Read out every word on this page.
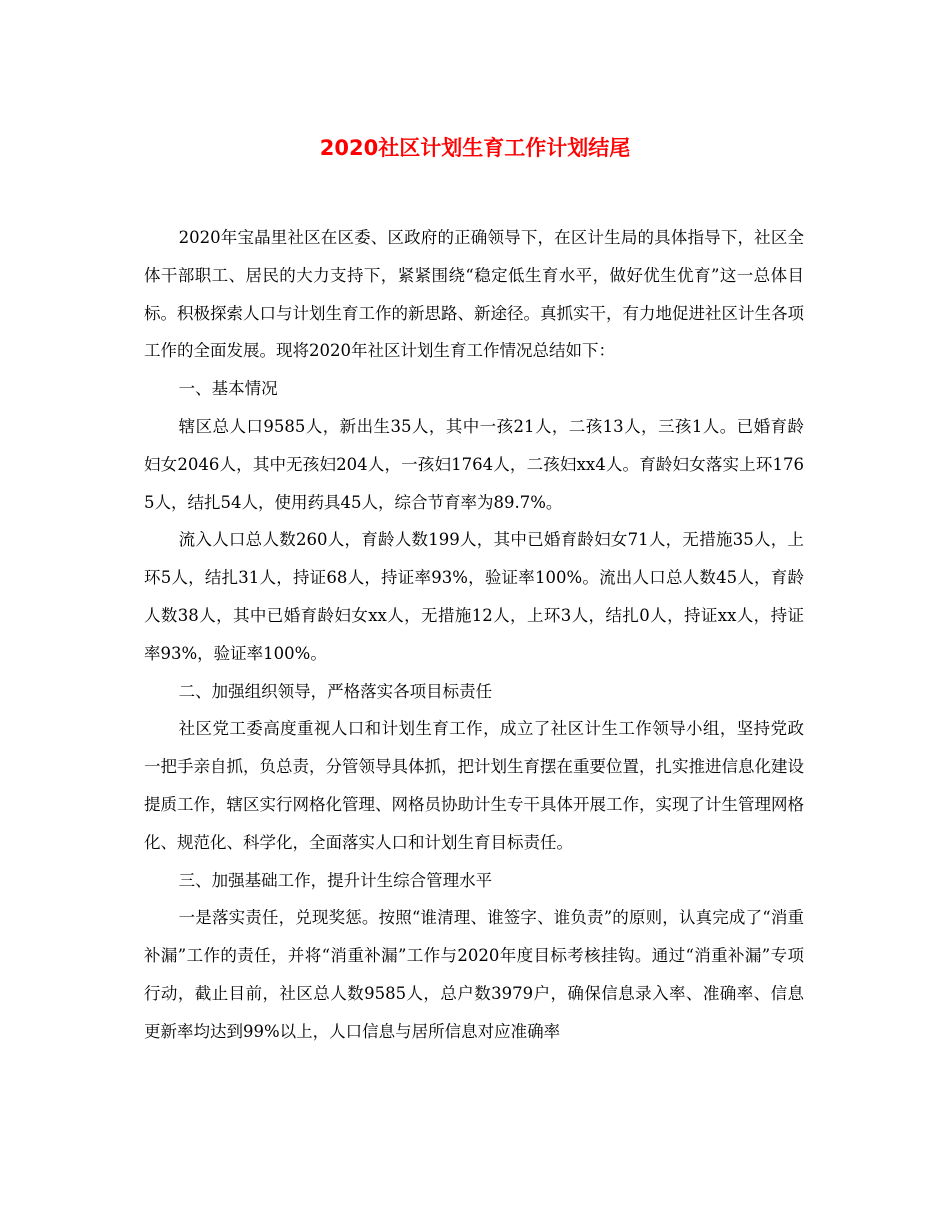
2020社区计划生育工作计划结尾

2020年宝晶里社区在区委、区政府的正确领导下，在区计生局的具体指导下，社区全体干部职工、居民的大力支持下，紧紧围绕“稳定低生育水平，做好优生优育”这一总体目标。积极探索人口与计划生育工作的新思路、新途径。真抓实干，有力地促进社区计生各项工作的全面发展。现将2020年社区计划生育工作情况总结如下：

一、基本情况

辖区总人口9585人，新出生35人，其中一孩21人，二孩13人，三孩1人。已婚育龄妇女2046人，其中无孩妇204人，一孩妇1764人，二孩妇xx4人。育龄妇女落实上环1765人，结扎54人，使用药具45人，综合节育率为89.7%。

流入人口总人数260人，育龄人数199人，其中已婚育龄妇女71人，无措施35人，上环5人，结扎31人，持证68人，持证率93%，验证率100%。流出人口总人数45人，育龄人数38人，其中已婚育龄妇女xx人，无措施12人，上环3人，结扎0人，持证xx人，持证率93%，验证率100%。

二、加强组织领导，严格落实各项目标责任

社区党工委高度重视人口和计划生育工作，成立了社区计生工作领导小组，坚持党政一把手亲自抓，负总责，分管领导具体抓，把计划生育摆在重要位置，扎实推进信息化建设提质工作，辖区实行网格化管理、网格员协助计生专干具体开展工作，实现了计生管理网格化、规范化、科学化，全面落实人口和计划生育目标责任。

三、加强基础工作，提升计生综合管理水平

一是落实责任，兑现奖惩。按照“谁清理、谁签字、谁负责”的原则，认真完成了“消重补漏”工作的责任，并将“消重补漏”工作与2020年度目标考核挂钩。通过“消重补漏”专项行动，截止目前，社区总人数9585人，总户数3979户，确保信息录入率、准确率、信息更新率均达到99%以上，人口信息与居所信息对应准确率
